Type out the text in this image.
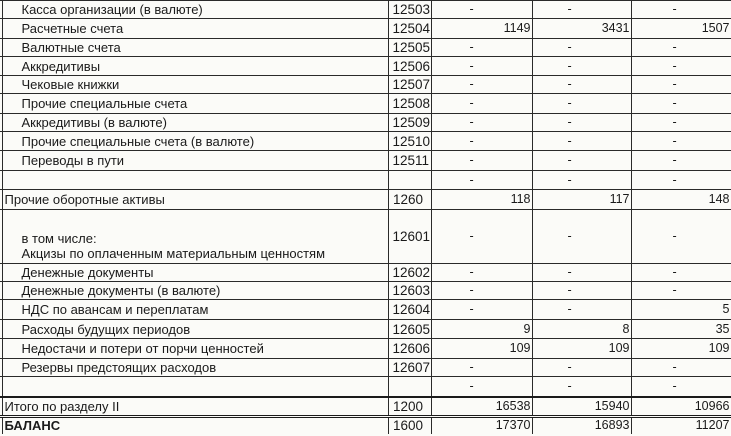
	Касса организации (в валюте)	12503	-	-	-
	Расчетные счета	12504	1149	3431	1507
	Валютные счета	12505	-	-	-
	Аккредитивы	12506	-	-	-
	Чековые книжки	12507	-	-	-
	Прочие специальные счета	12508	-	-	-
	Аккредитивы (в валюте)	12509	-	-	-
	Прочие специальные счета (в валюте)	12510	-	-	-
	Переводы в пути	12511	-	-	-
			-	-	-
	Прочие оборотные активы	1260	118	117	148
	в том числе:
Акцизы по оплаченным материальным ценностям	12601	-	-	-
	Денежные документы	12602	-	-	-
	Денежные документы (в валюте)	12603	-	-	-
	НДС по авансам и переплатам	12604	-	-	5
	Расходы будущих периодов	12605	9	8	35
	Недостачи и потери от порчи ценностей	12606	109	109	109
	Резервы предстоящих расходов	12607	-	-	-
			-	-	-
	Итого по разделу II	1200	16538	15940	10966
	БАЛАНС	1600	17370	16893	11207
